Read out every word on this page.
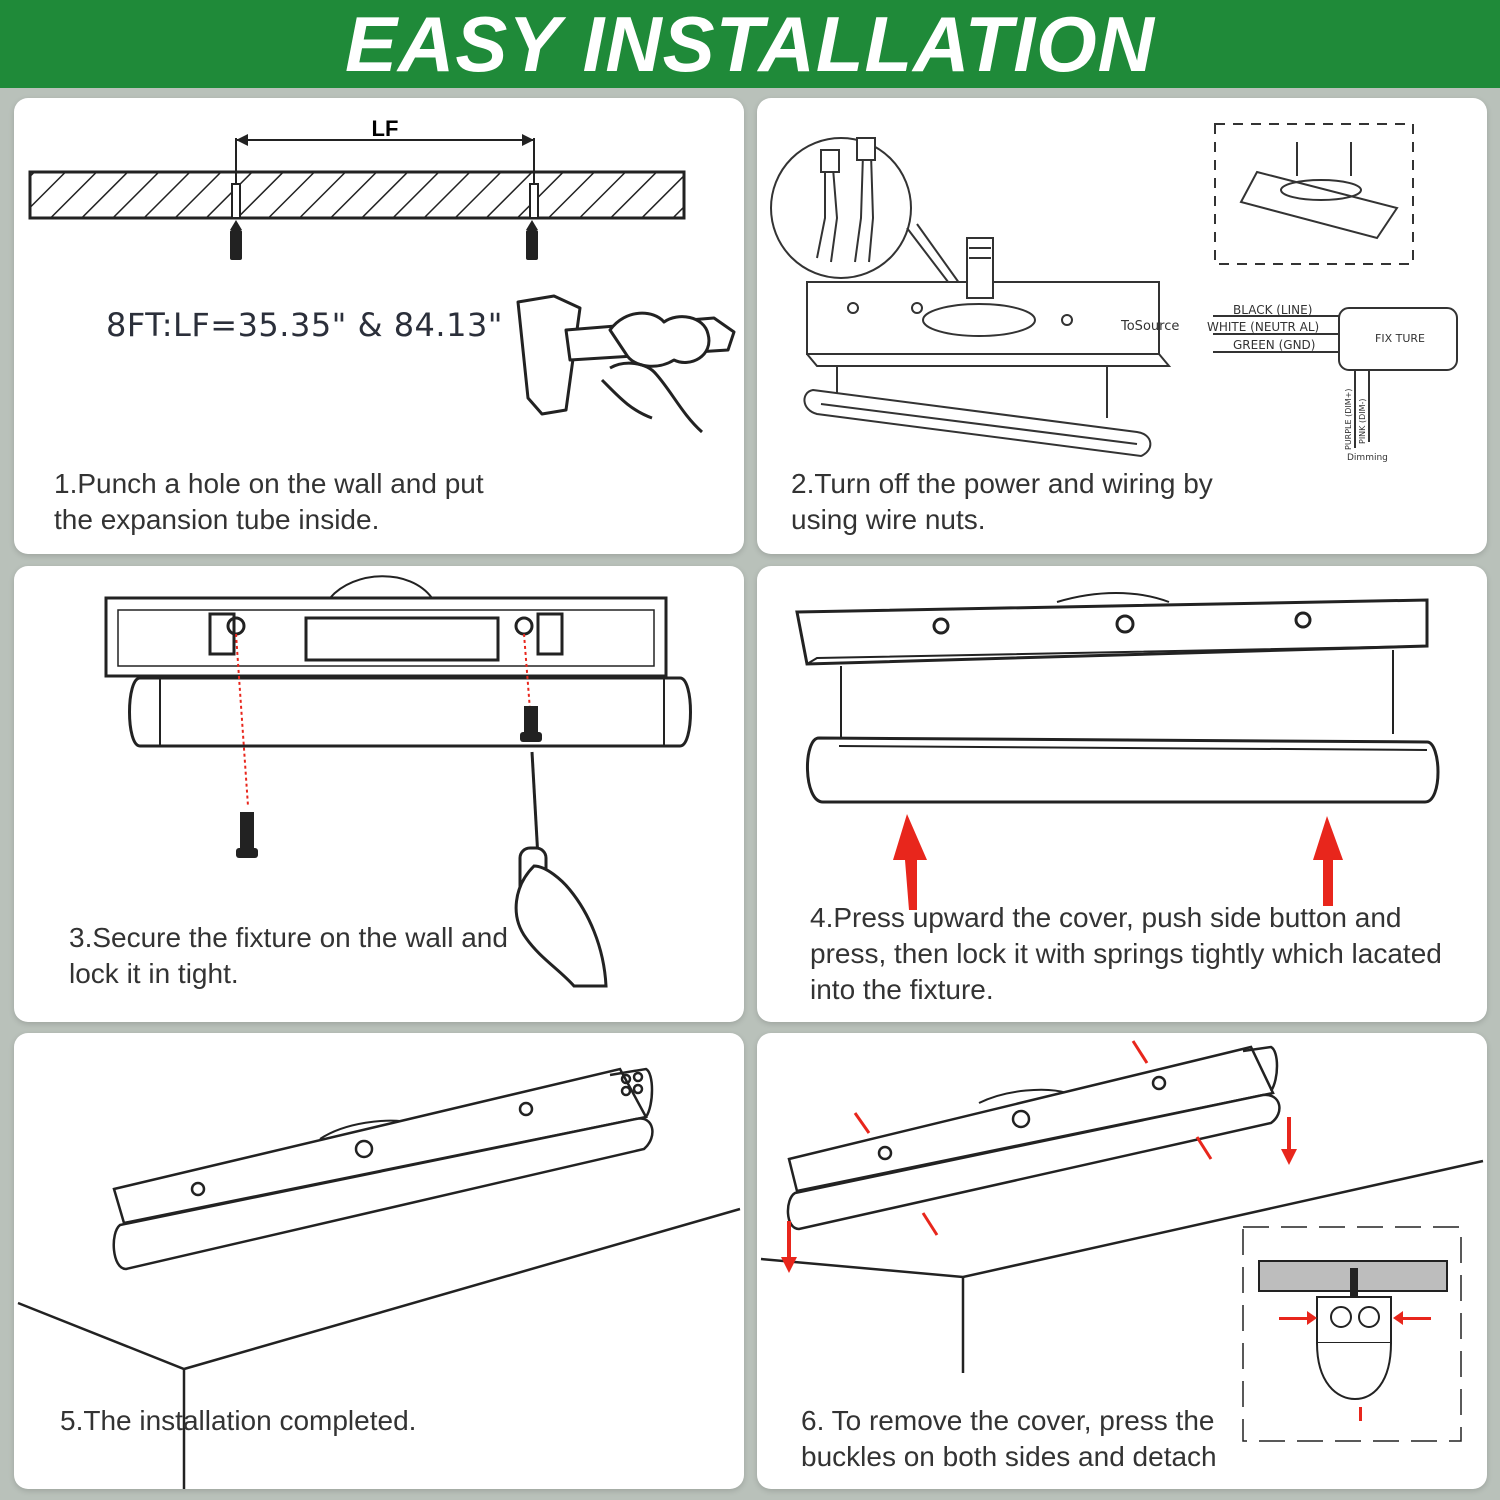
EASY INSTALLATION
LF
8FT:LF=35.35" & 84.13"
1.Punch a hole on the wall and put the expansion tube inside.
ToSource
BLACK (LINE)
WHITE (NEUTR AL)
GREEN (GND)	FIX TURE
PURPLE (DIM+) PINK (DIM-)
Dimming
2.Turn off the power and wiring by using wire nuts.
3.Secure the fixture on the wall and lock it in tight.
4.Press upward the cover, push side button and press, then lock it with springs tightly which lacated into the fixture.
5.The installation completed.	6. To remove the cover, press the buckles on both sides and detach
